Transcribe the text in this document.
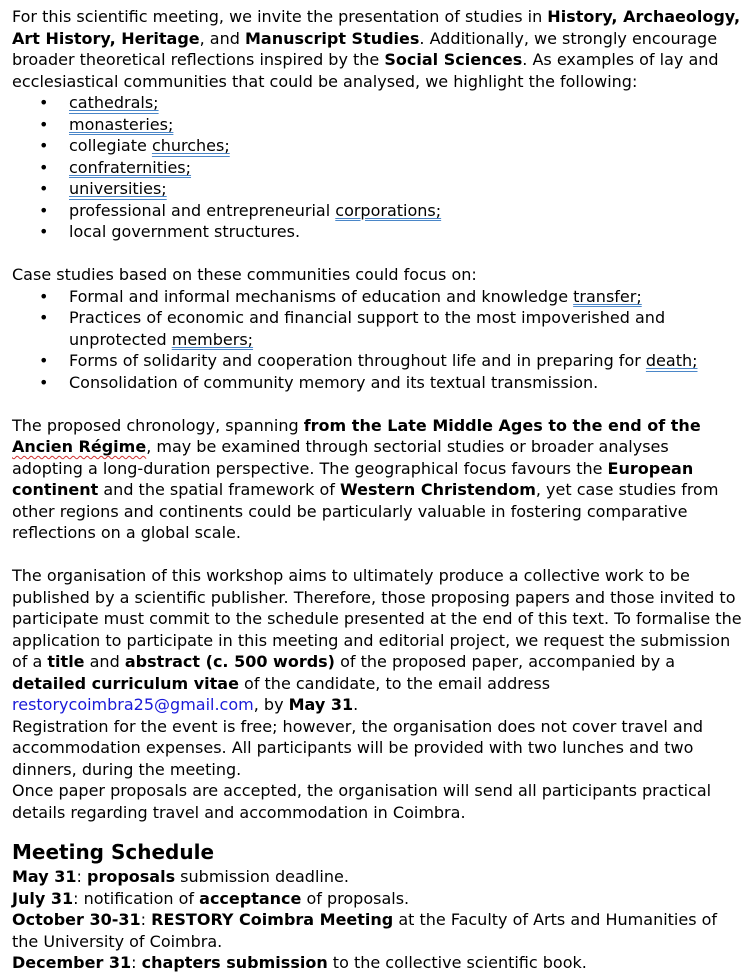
For this scientific meeting, we invite the presentation of studies in History, Archaeology, Art History, Heritage, and Manuscript Studies. Additionally, we strongly encourage broader theoretical reflections inspired by the Social Sciences. As examples of lay and ecclesiastical communities that could be analysed, we highlight the following:

• cathedrals;
• monasteries;
• collegiate churches;
• confraternities;
• universities;
• professional and entrepreneurial corporations;
• local government structures.

Case studies based on these communities could focus on:

• Formal and informal mechanisms of education and knowledge transfer;
• Practices of economic and financial support to the most impoverished and unprotected members;
• Forms of solidarity and cooperation throughout life and in preparing for death;
• Consolidation of community memory and its textual transmission.

The proposed chronology, spanning from the Late Middle Ages to the end of the Ancien Régime, may be examined through sectorial studies or broader analyses adopting a long-duration perspective. The geographical focus favours the European continent and the spatial framework of Western Christendom, yet case studies from other regions and continents could be particularly valuable in fostering comparative reflections on a global scale.

The organisation of this workshop aims to ultimately produce a collective work to be published by a scientific publisher. Therefore, those proposing papers and those invited to participate must commit to the schedule presented at the end of this text. To formalise the application to participate in this meeting and editorial project, we request the submission of a title and abstract (c. 500 words) of the proposed paper, accompanied by a detailed curriculum vitae of the candidate, to the email address restorycoimbra25@gmail.com, by May 31.

Registration for the event is free; however, the organisation does not cover travel and accommodation expenses. All participants will be provided with two lunches and two dinners, during the meeting.

Once paper proposals are accepted, the organisation will send all participants practical details regarding travel and accommodation in Coimbra.

Meeting Schedule

May 31: proposals submission deadline.

July 31: notification of acceptance of proposals.

October 30-31: RESTORY Coimbra Meeting at the Faculty of Arts and Humanities of the University of Coimbra.

December 31: chapters submission to the collective scientific book.
